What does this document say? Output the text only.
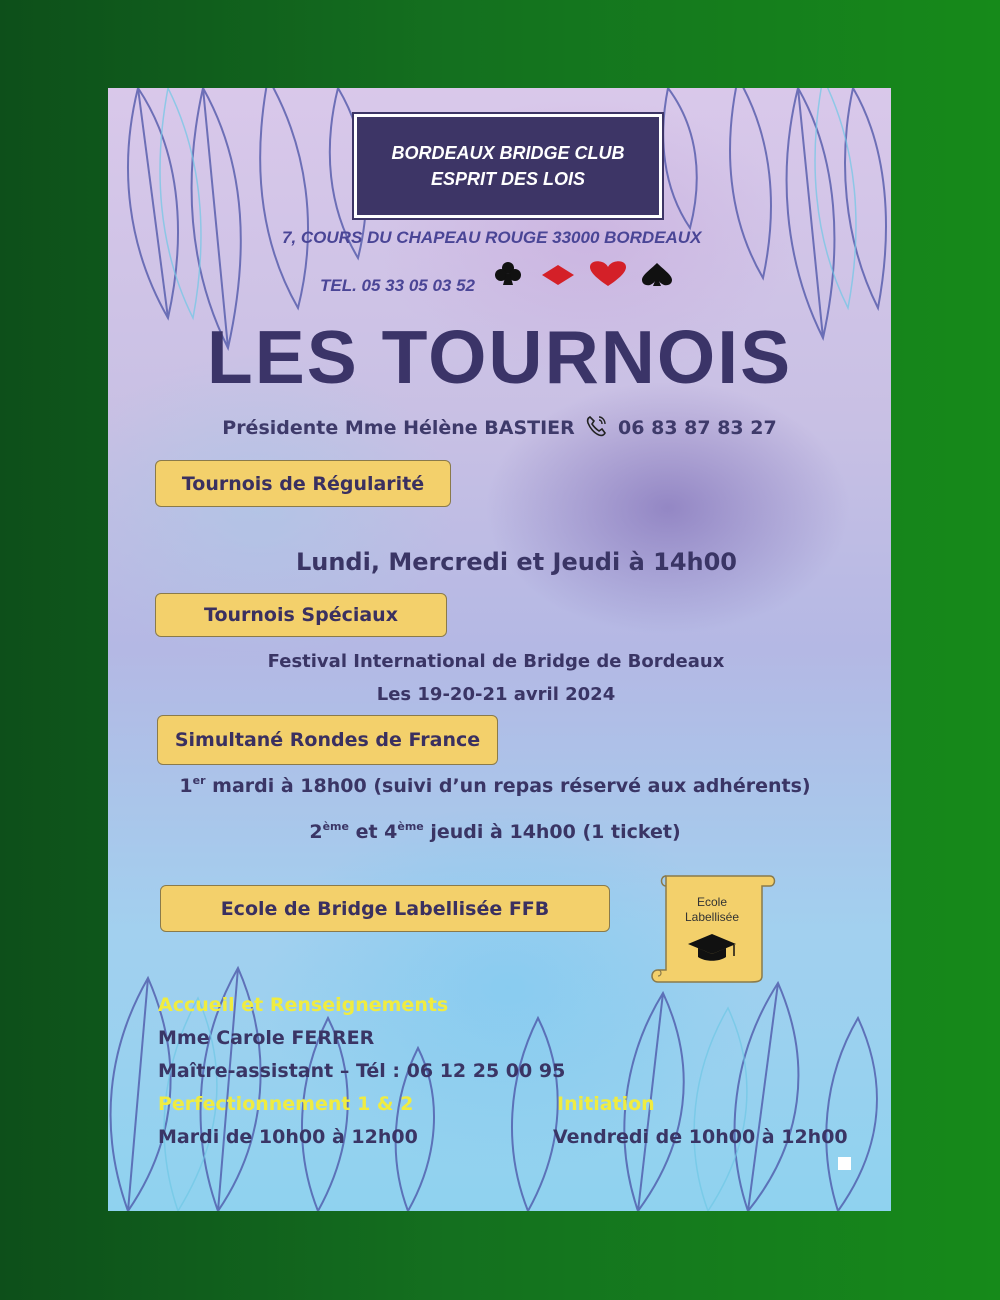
BORDEAUX BRIDGE CLUB
ESPRIT DES LOIS
7, COURS DU CHAPEAU ROUGE 33000 BORDEAUX
TEL. 05 33 05 03 52
LES TOURNOIS
Présidente Mme Hélène BASTIER 06 83 87 83 27
Tournois de Régularité
Lundi, Mercredi et Jeudi à 14h00
Tournois Spéciaux
Festival International de Bridge de Bordeaux
Les 19-20-21 avril 2024
Simultané Rondes de France
1er mardi à 18h00 (suivi d’un repas réservé aux adhérents)
2ème et 4ème jeudi à 14h00 (1 ticket)
Ecole de Bridge Labellisée FFB	Ecole
Labellisée
Accueil et Renseignements
Mme Carole FERRER
Maître-assistant – Tél : 06 12 25 00 95
Perfectionnement 1 & 2
Mardi de 10h00 à 12h00
Initiation
Vendredi de 10h00 à 12h00
